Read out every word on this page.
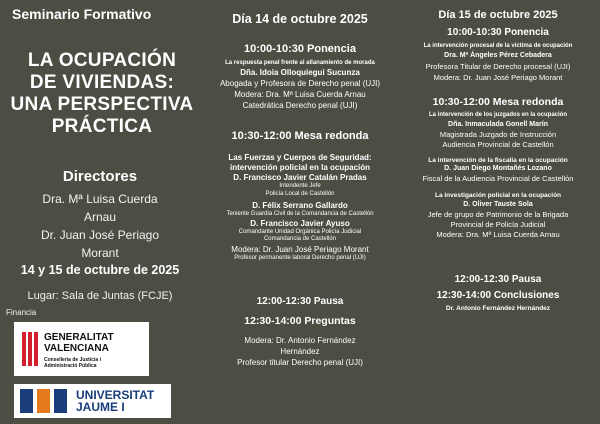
Seminario Formativo
LA OCUPACIÓN
DE VIVIENDAS:
UNA PERSPECTIVA
PRÁCTICA
Directores
Dra. Mª Luisa Cuerda
Arnau
Dr. Juan José Periago
Morant
14 y 15 de octubre de 2025
Lugar: Sala de Juntas (FCJE)
Financia
GENERALITAT
VALENCIANA
Conselleria de Justícia i
Administració Pública
UNIVERSITAT
JAUME I
Día 14 de octubre 2025
10:00-10:30 Ponencia
La respuesta penal frente al allanamiento de morada
Dña. Idoia Olloquiegui Sucunza
Abogada y Profesora de Derecho penal (UJI)
Modera: Dra. Mª Luisa Cuerda Arnau
Catedrática Derecho penal (UJI)
10:30-12:00 Mesa redonda
Las Fuerzas y Cuerpos de Seguridad:
intervención policial en la ocupación
D. Francisco Javier Catalán Pradas
Intendente Jefe
Policía Local de Castellón
D. Félix Serrano Gallardo
Teniente Guardia Civil de la Comandancia de Castellón
D. Francisco Javier Ayuso
Comandante Unidad Orgánica Policía Judicial
Comandancia de Castellón
Modera: Dr. Juan José Periago Morant
Profesor permanente laboral Derecho penal (UJI)
12:00-12:30 Pausa
12:30-14:00 Preguntas
Modera: Dr. Antonio Fernández
Hernández
Profesor titular Derecho penal (UJI)
Día 15 de octubre 2025
10:00-10:30 Ponencia
La intervención procesal de la víctima de ocupación
Dra. Mª Ángeles Pérez Cebadera
Profesora Titular de Derecho procesal (UJI)
Modera: Dr. Juan José Periago Morant
10:30-12:00 Mesa redonda
La intervención de los juzgados en la ocupación
Dña. Inmaculada Gonell Marín
Magistrada Juzgado de Instrucción
Audiencia Provincial de Castellón
La intervención de la fiscalía en la ocupación
D. Juan Diego Montañés Lozano
Fiscal de la Audiencia Provincial de Castellón
La investigación policial en la ocupación
D. Oliver Tauste Sola
Jefe de grupo de Patrimonio de la Brigada
Provincial de Policía Judicial
Modera: Dra. Mª Luisa Cuerda Arnau
12:00-12:30 Pausa
12:30-14:00 Conclusiones
Dr. Antonio Fernández Hernández
